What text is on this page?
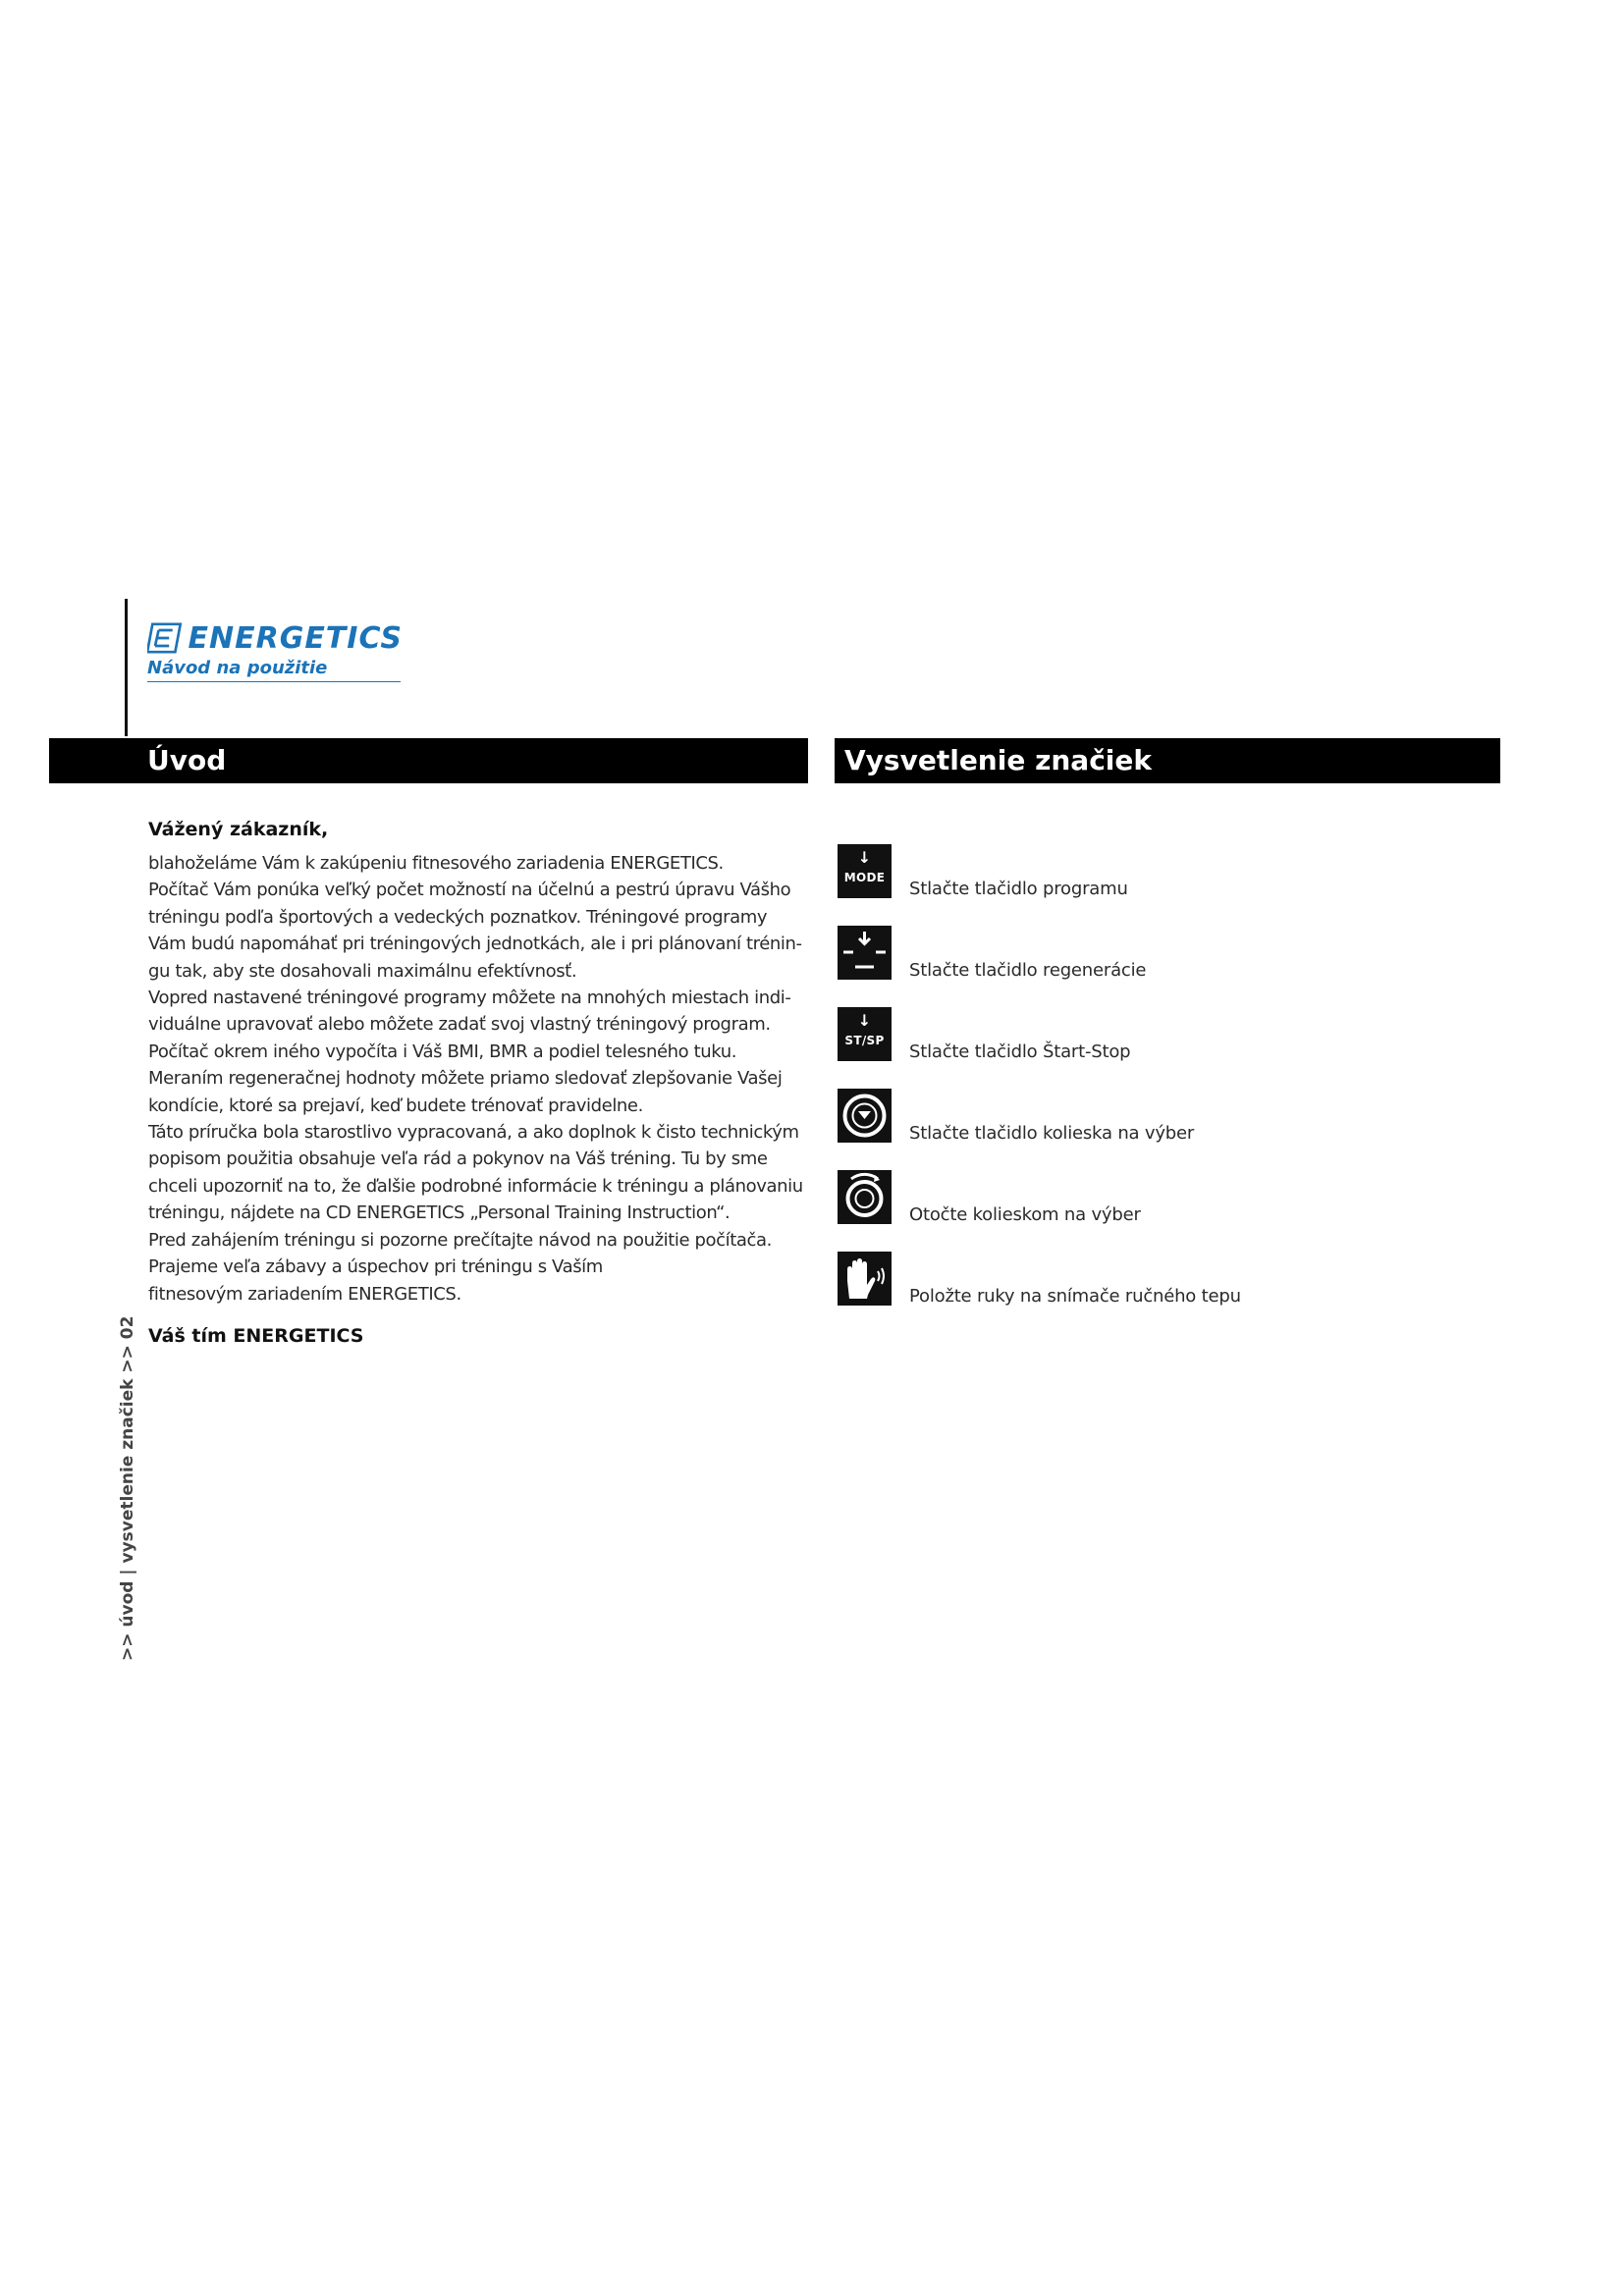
ENERGETICS
Návod na použitie
Úvod	Vysvetlenie značiek
Vážený zákazník,
blahoželáme Vám k zakúpeniu fitnesového zariadenia ENERGETICS.
Počítač Vám ponúka veľký počet možností na účelnú a pestrú úpravu Vášho
tréningu podľa športových a vedeckých poznatkov. Tréningové programy
Vám budú napomáhať pri tréningových jednotkách, ale i pri plánovaní trénin-
gu tak, aby ste dosahovali maximálnu efektívnosť.
Vopred nastavené tréningové programy môžete na mnohých miestach indi-
viduálne upravovať alebo môžete zadať svoj vlastný tréningový program.
Počítač okrem iného vypočíta i Váš BMI, BMR a podiel telesného tuku.
Meraním regeneračnej hodnoty môžete priamo sledovať zlepšovanie Vašej
kondície, ktoré sa prejaví, keď budete trénovať pravidelne.
Táto príručka bola starostlivo vypracovaná, a ako doplnok k čisto technickým
popisom použitia obsahuje veľa rád a pokynov na Váš tréning. Tu by sme
chceli upozorniť na to, že ďalšie podrobné informácie k tréningu a plánovaniu
tréningu, nájdete na CD ENERGETICS „Personal Training Instruction“.
Pred zahájením tréningu si pozorne prečítajte návod na použitie počítača.
Prajeme veľa zábavy a úspechov pri tréningu s Vaším
fitnesovým zariadením ENERGETICS.
Váš tím ENERGETICS
↓
MODE
Stlačte tlačidlo programu
Stlačte tlačidlo regenerácie
↓
ST/SP
Stlačte tlačidlo Štart-Stop
Stlačte tlačidlo kolieska na výber
Otočte kolieskom na výber
Položte ruky na snímače ručného tepu
>> úvod | vysvetlenie značiek >> 02
